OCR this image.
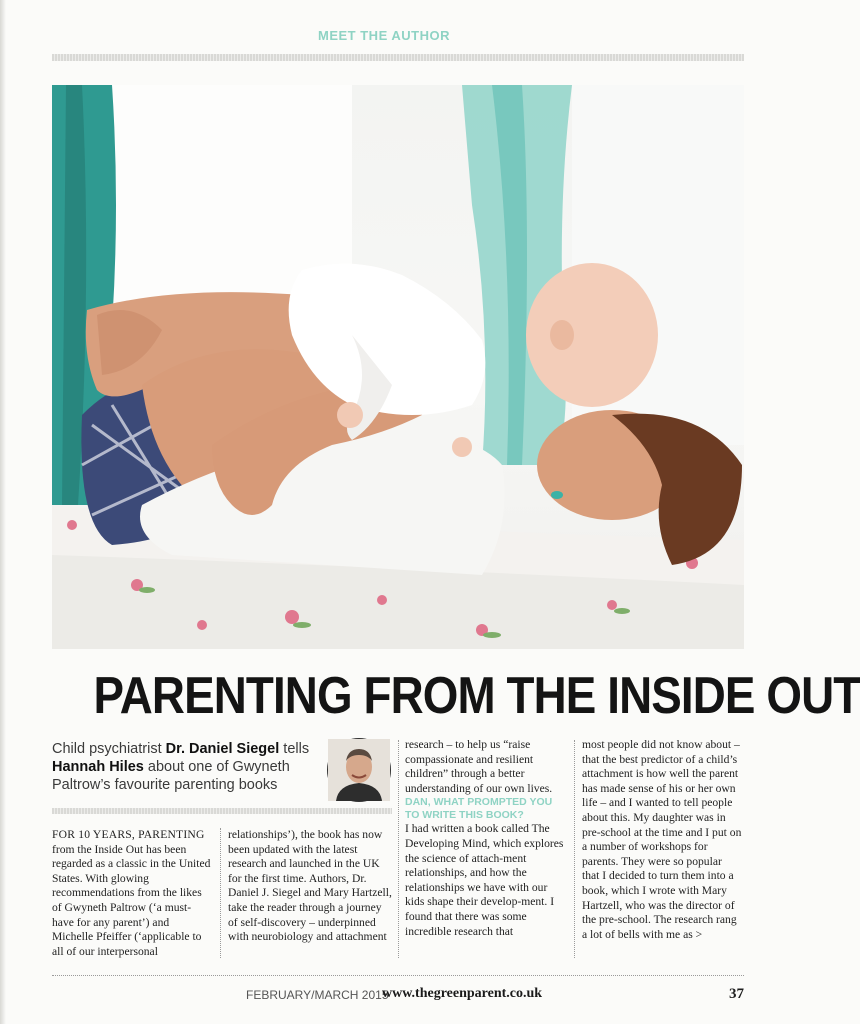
MEET THE AUTHOR
PARENTING FROM THE INSIDE OUT
Child psychiatrist Dr. Daniel Siegel tells Hannah Hiles about one of Gwyneth Paltrow’s favourite parenting books

FOR 10 YEARS, PARENTING from the Inside Out has been regarded as a classic in the United States. With glowing recommendations from the likes of Gwyneth Paltrow (‘a must-have for any parent’) and Michelle Pfeiffer (‘applicable to all of our interpersonal

relationships’), the book has now been updated with the latest research and launched in the UK for the first time. Authors, Dr. Daniel J. Siegel and Mary Hartzell, take the reader through a journey of self-discovery – underpinned with neurobiology and attachment

research – to help us “raise compassionate and resilient children” through a better understanding of our own lives.

DAN, WHAT PROMPTED YOU TO WRITE THIS BOOK?

I had written a book called The Developing Mind, which explores the science of attach-ment relationships, and how the relationships we have with our kids shape their develop-ment. I found that there was some incredible research that

most people did not know about – that the best predictor of a child’s attachment is how well the parent has made sense of his or her own life – and I wanted to tell people about this. My daughter was in pre-school at the time and I put on a number of workshops for parents. They were so popular that I decided to turn them into a book, which I wrote with Mary Hartzell, who was the director of the pre-school. The research rang a lot of bells with me as >

FEBRUARY/MARCH 2015
www.thegreenparent.co.uk	37
